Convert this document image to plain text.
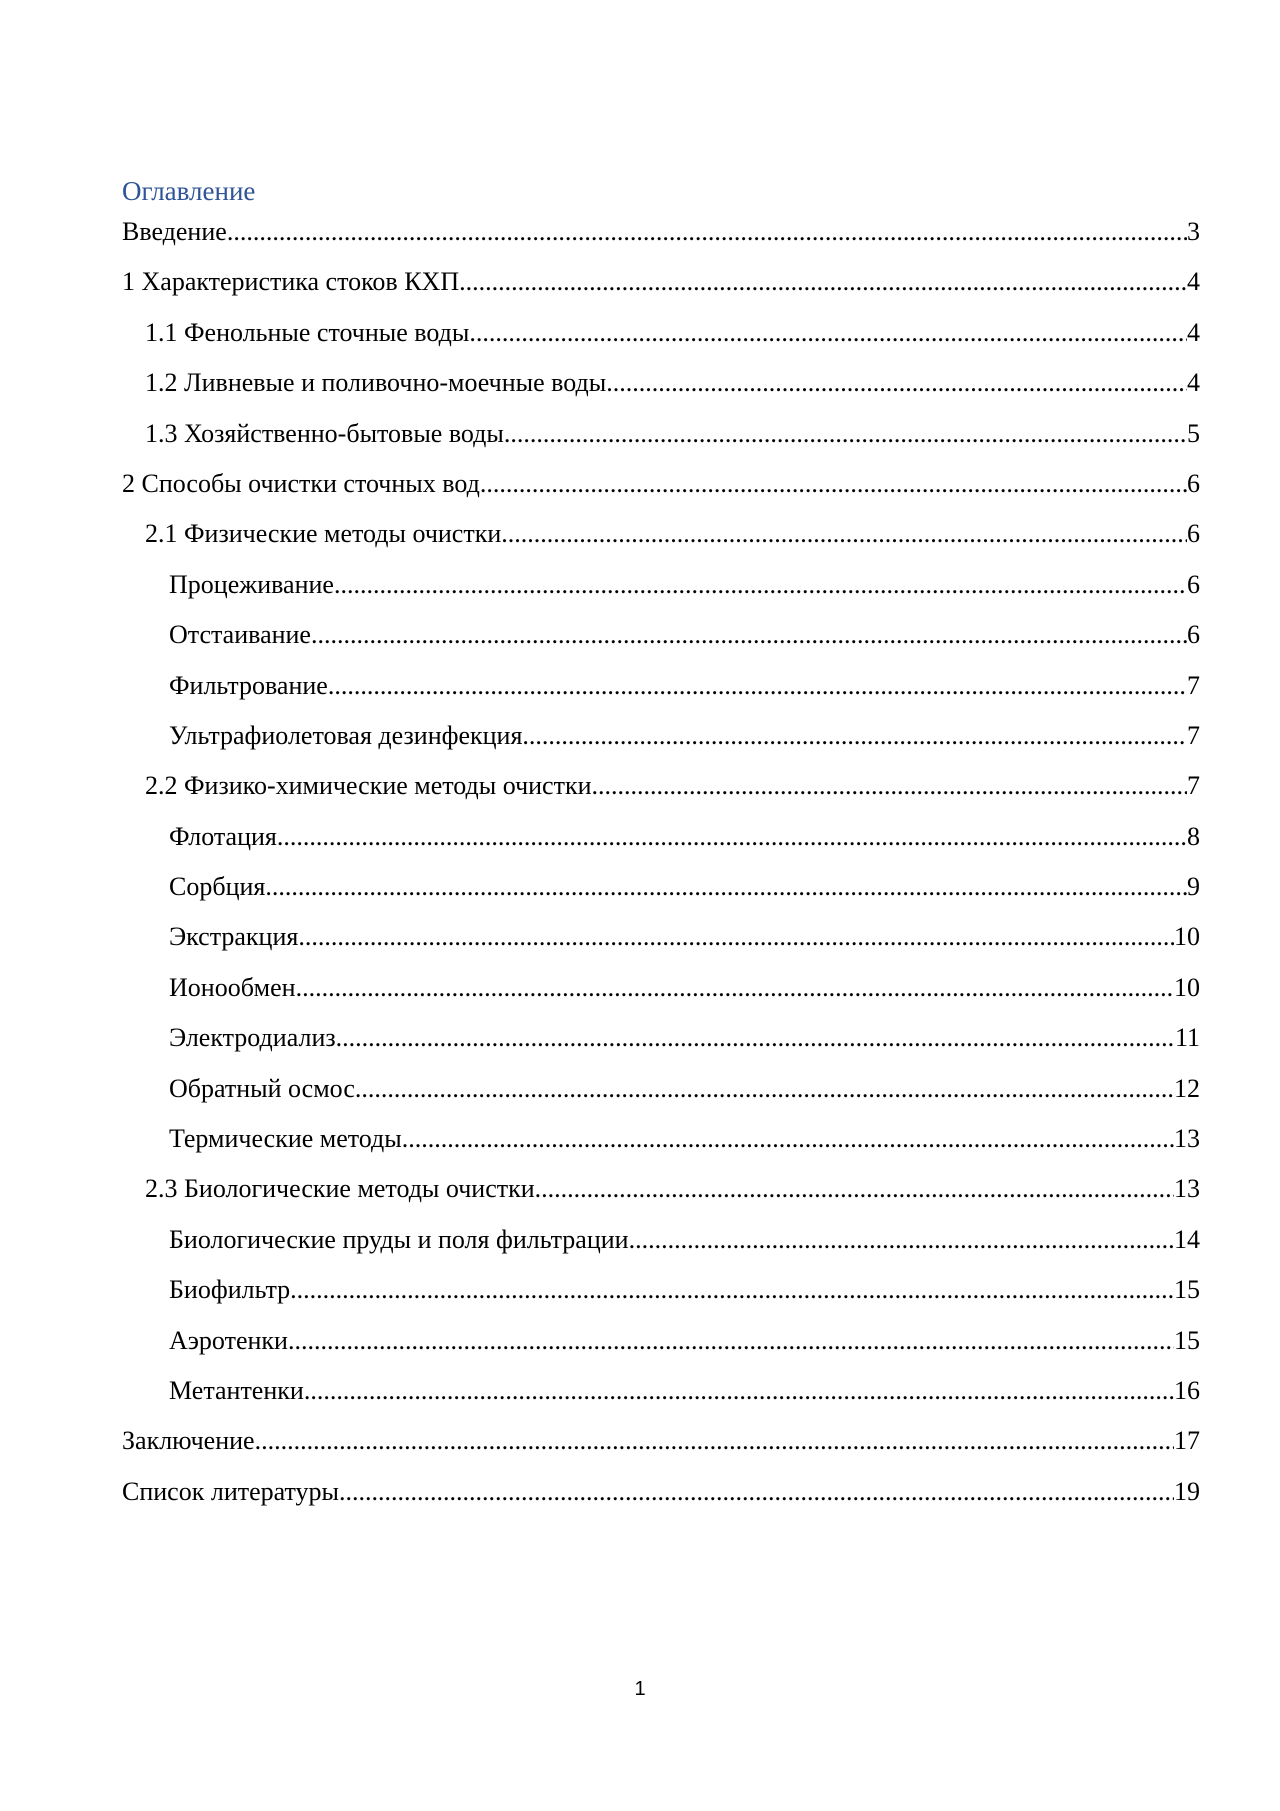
Оглавление
Введение .....	3
1 Характеристика стоков КХП .....	4
1.1 Фенольные сточные воды .....	4
1.2 Ливневые и поливочно-моечные воды .....	4
1.3 Хозяйственно-бытовые воды .....	5
2 Способы очистки сточных вод .....	6
2.1 Физические методы очистки .....	6
Процеживание .....	6
Отстаивание .....	6
Фильтрование .....	7
Ультрафиолетовая дезинфекция .....	7
2.2 Физико-химические методы очистки .....	7
Флотация .....	8
Сорбция .....	9
Экстракция .....	10
Ионообмен .....	10
Электродиализ .....	11
Обратный осмос .....	12
Термические методы .....	13
2.3 Биологические методы очистки .....	13
Биологические пруды и поля фильтрации .....	14
Биофильтр .....	15
Аэротенки .....	15
Метантенки .....	16
Заключение .....	17
Список литературы .....	19
1
